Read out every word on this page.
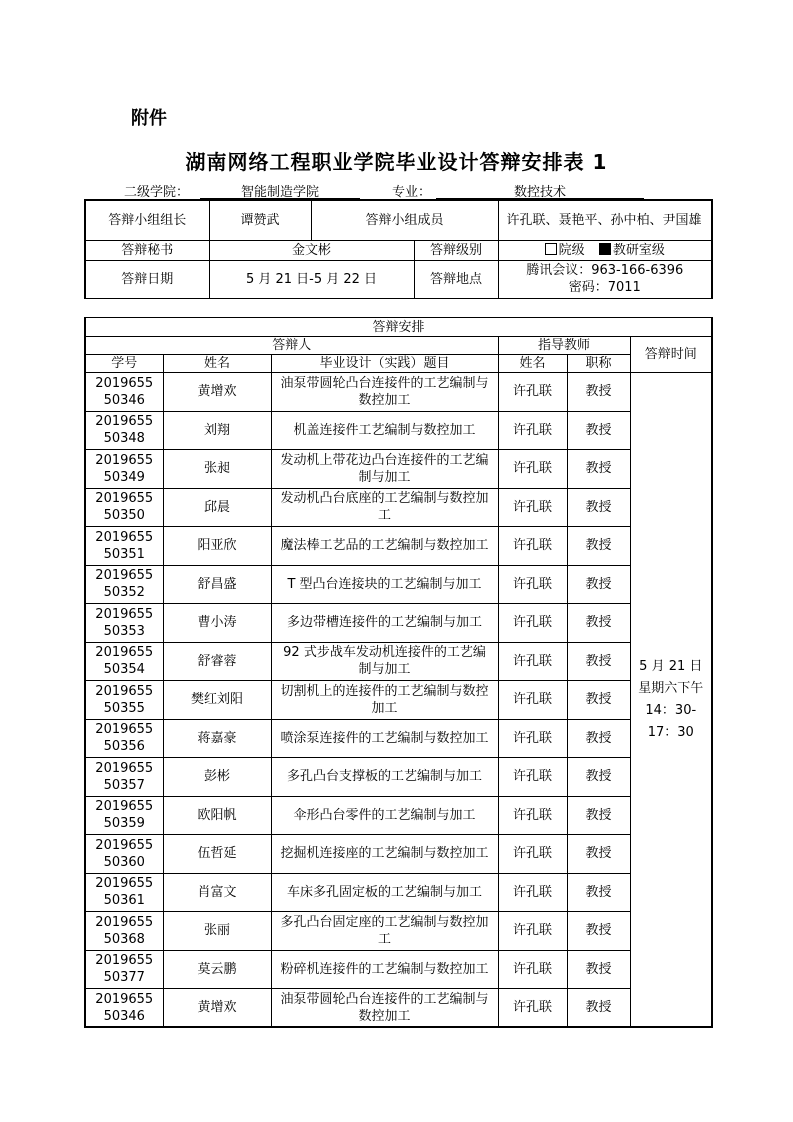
附件
湖南网络工程职业学院毕业设计答辩安排表 1
二级学院：	智能制造学院	专业：	数控技术
答辩小组组长	谭赞武	答辩小组成员		许孔联、聂艳平、孙中柏、尹国雄
答辩秘书	金文彬		答辩级别	院级 教研室级
答辩日期	5 月 21 日-5 月 22 日		答辩地点	腾讯会议：963-166-6396
密码：7011
答辩安排					
答辩人			指导教师		答辩时间
学号	姓名	毕业设计（实践）题目	姓名	职称	
201965550346	黄增欢	油泵带圆轮凸台连接件的工艺编制与数控加工	许孔联	教授	5 月 21 日星期六下午 14：30-17：30
201965550348	刘翔	机盖连接件工艺编制与数控加工	许孔联	教授	
201965550349	张昶	发动机上带花边凸台连接件的工艺编制与加工	许孔联	教授	
201965550350	邱晨	发动机凸台底座的工艺编制与数控加工	许孔联	教授	
201965550351	阳亚欣	魔法棒工艺品的工艺编制与数控加工	许孔联	教授	
201965550352	舒昌盛	T 型凸台连接块的工艺编制与加工	许孔联	教授	
201965550353	曹小涛	多边带槽连接件的工艺编制与加工	许孔联	教授	
201965550354	舒睿蓉	92 式步战车发动机连接件的工艺编制与加工	许孔联	教授	
201965550355	樊红刘阳	切割机上的连接件的工艺编制与数控加工	许孔联	教授	
201965550356	蒋嘉豪	喷涂泵连接件的工艺编制与数控加工	许孔联	教授	
201965550357	彭彬	多孔凸台支撑板的工艺编制与加工	许孔联	教授	
201965550359	欧阳帆	伞形凸台零件的工艺编制与加工	许孔联	教授	
201965550360	伍哲延	挖掘机连接座的工艺编制与数控加工	许孔联	教授	
201965550361	肖富文	车床多孔固定板的工艺编制与加工	许孔联	教授	
201965550368	张丽	多孔凸台固定座的工艺编制与数控加工	许孔联	教授	
201965550377	莫云鹏	粉碎机连接件的工艺编制与数控加工	许孔联	教授	
201965550346	黄增欢	油泵带圆轮凸台连接件的工艺编制与数控加工	许孔联	教授	
